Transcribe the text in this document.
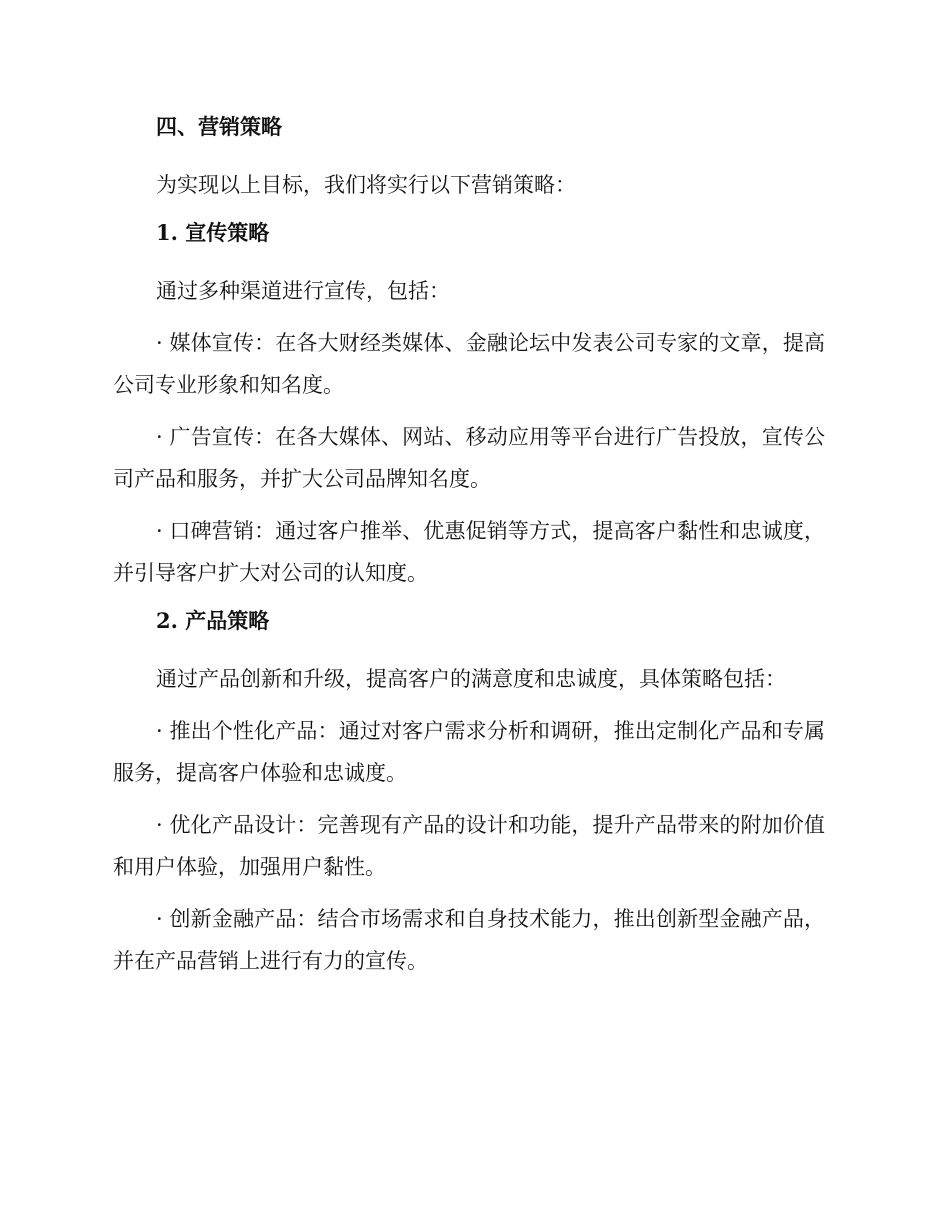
四、营销策略

为实现以上目标，我们将实行以下营销策略：

1. 宣传策略

通过多种渠道进行宣传，包括：

· 媒体宣传：在各大财经类媒体、金融论坛中发表公司专家的文章，提高公司专业形象和知名度。

· 广告宣传：在各大媒体、网站、移动应用等平台进行广告投放，宣传公司产品和服务，并扩大公司品牌知名度。

· 口碑营销：通过客户推举、优惠促销等方式，提高客户黏性和忠诚度，并引导客户扩大对公司的认知度。

2. 产品策略

通过产品创新和升级，提高客户的满意度和忠诚度，具体策略包括：

· 推出个性化产品：通过对客户需求分析和调研，推出定制化产品和专属服务，提高客户体验和忠诚度。

· 优化产品设计：完善现有产品的设计和功能，提升产品带来的附加价值和用户体验，加强用户黏性。

· 创新金融产品：结合市场需求和自身技术能力，推出创新型金融产品，并在产品营销上进行有力的宣传。
